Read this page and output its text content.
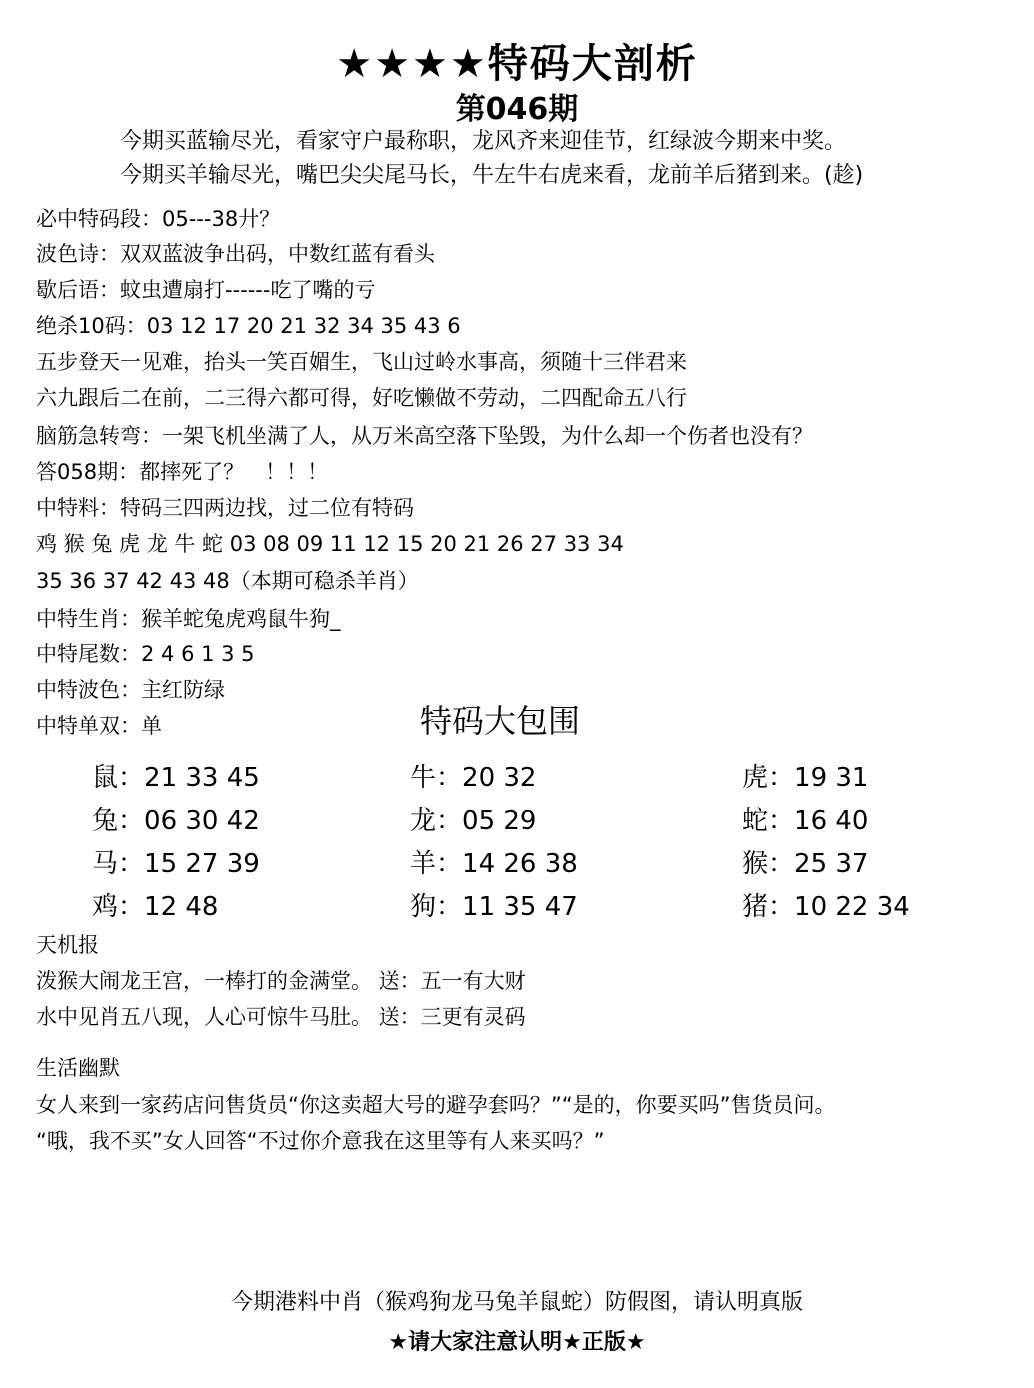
★★★★特码大剖析
第046期
今期买蓝输尽光，看家守户最称职，龙风齐来迎佳节，红绿波今期来中奖。
今期买羊输尽光，嘴巴尖尖尾马长，牛左牛右虎来看，龙前羊后猪到来。(趁)
必中特码段：05---38廾？
波色诗：双双蓝波争出码，中数红蓝有看头
歇后语：蚊虫遭扇打------吃了嘴的亏
绝杀10码：03 12 17 20 21 32 34 35 43 6
五步登天一见难，抬头一笑百媚生，飞山过岭水事高，须随十三伴君来
六九跟后二在前，二三得六都可得，好吃懒做不劳动，二四配命五八行
脑筋急转弯：一架飞机坐满了人，从万米高空落下坠毁，为什么却一个伤者也没有？
答058期：都摔死了？　！！！
中特料：特码三四两边找，过二位有特码
鸡 猴 兔 虎 龙 牛 蛇 03 08 09 11 12 15 20 21 26 27 33 34
35 36 37 42 43 48（本期可稳杀羊肖）
中特生肖：猴羊蛇兔虎鸡鼠牛狗_
中特尾数：2 4 6 1 3 5
中特波色：主红防绿
中特单双：单	特码大包围
鼠：21 33 45	牛：20 32	虎：19 31
兔：06 30 42	龙：05 29	蛇：16 40
马：15 27 39	羊：14 26 38	猴：25 37
鸡：12 48	狗：11 35 47	猪：10 22 34
天机报
泼猴大闹龙王宫，一棒打的金满堂。 送：五一有大财
水中见肖五八现，人心可惊牛马肚。 送：三更有灵码
生活幽默
女人来到一家药店问售货员“你这卖超大号的避孕套吗？”“是的，你要买吗”售货员问。
“哦，我不买”女人回答“不过你介意我在这里等有人来买吗？”
今期港料中肖（猴鸡狗龙马兔羊鼠蛇）防假图，请认明真版
★请大家注意认明★正版★
